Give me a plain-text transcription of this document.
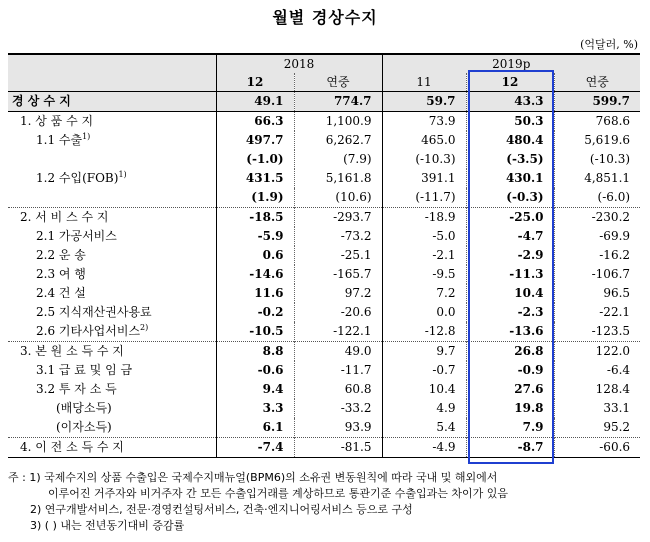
월별 경상수지
(억달러, %)
	2018		2019p		
	12	연중	11	12	연중
경 상 수 지	49.1	774.7	59.7	43.3	599.7
1. 상 품 수 지	66.3	1,100.9	73.9	50.3	768.6
1.1 수출$^{1)}$	497.7	6,262.7	465.0	480.4	5,619.6
	(-1.0)	(7.9)	(-10.3)	(-3.5)	(-10.3)
1.2 수입(FOB)$^{1)}$	431.5	5,161.8	391.1	430.1	4,851.1
	(1.9)	(10.6)	(-11.7)	(-0.3)	(-6.0)
2. 서 비 스 수 지	-18.5	-293.7	-18.9	-25.0	-230.2
2.1 가공서비스	-5.9	-73.2	-5.0	-4.7	-69.9
2.2 운 송	0.6	-25.1	-2.1	-2.9	-16.2
2.3 여 행	-14.6	-165.7	-9.5	-11.3	-106.7
2.4 건 설	11.6	97.2	7.2	10.4	96.5
2.5 지식재산권사용료	-0.2	-20.6	0.0	-2.3	-22.1
2.6 기타사업서비스$^{2)}$	-10.5	-122.1	-12.8	-13.6	-123.5
3. 본 원 소 득 수 지	8.8	49.0	9.7	26.8	122.0
3.1 급 료 및 임 금	-0.6	-11.7	-0.7	-0.9	-6.4
3.2 투 자 소 득	9.4	60.8	10.4	27.6	128.4
(배당소득)	3.3	-33.2	4.9	19.8	33.1
(이자소득)	6.1	93.9	5.4	7.9	95.2
4. 이 전 소 득 수 지	-7.4	-81.5	-4.9	-8.7	-60.6
주 : 1) 국제수지의 상품 수출입은 국제수지매뉴얼(BPM6)의 소유권 변동원칙에 따라 국내 및 해외에서
이루어진 거주자와 비거주자 간 모든 수출입거래를 계상하므로 통관기준 수출입과는 차이가 있음
2) 연구개발서비스, 전문·경영컨설팅서비스, 건축·엔지니어링서비스 등으로 구성
3) ( ) 내는 전년동기대비 증감률
